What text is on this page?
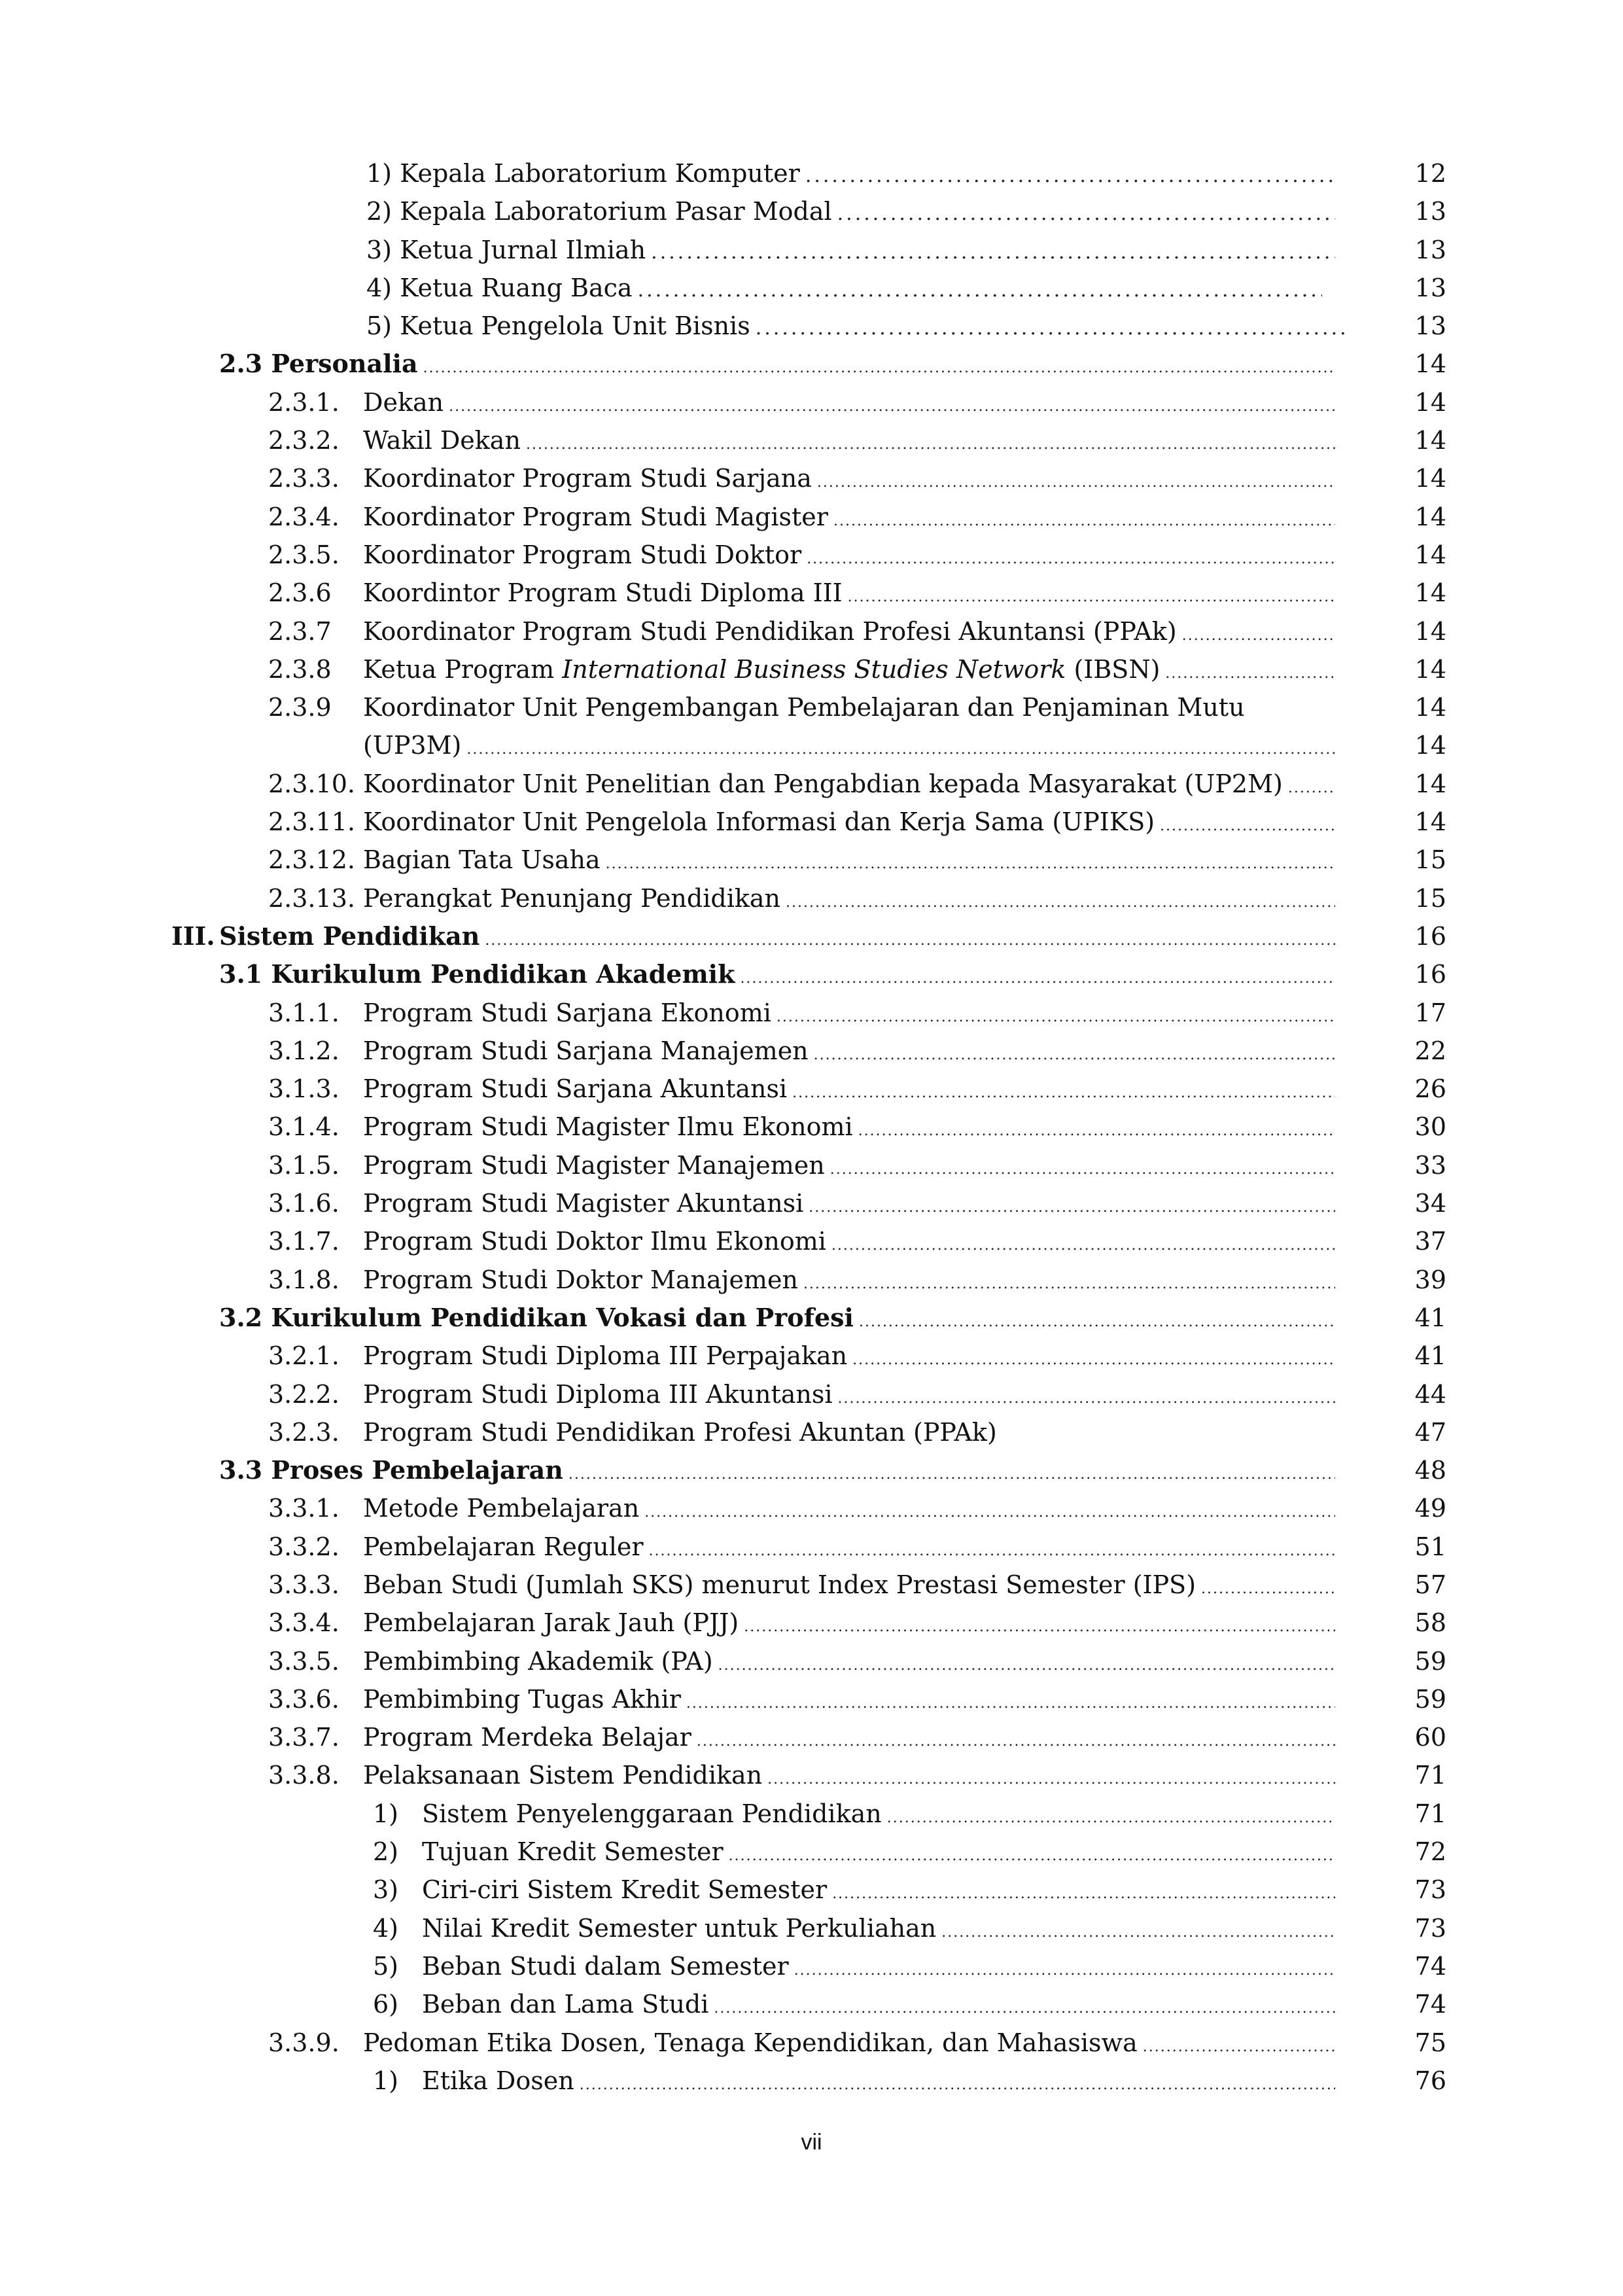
1) Kepala Laboratorium Komputer .....	12
2) Kepala Laboratorium Pasar Modal .....	13
3) Ketua Jurnal Ilmiah .....	13
4) Ketua Ruang Baca .....	13
5) Ketua Pengelola Unit Bisnis .....	13
2.3 Personalia .....	14
2.3.1. Dekan .....	14
2.3.2. Wakil Dekan .....	14
2.3.3. Koordinator Program Studi Sarjana .....	14
2.3.4. Koordinator Program Studi Magister .....	14
2.3.5. Koordinator Program Studi Doktor .....	14
2.3.6 Koordintor Program Studi Diploma III .....	14
2.3.7 Koordinator Program Studi Pendidikan Profesi Akuntansi (PPAk) .....	14
2.3.8 Ketua Program International Business Studies Network (IBSN) .....	14
2.3.9 Koordinator Unit Pengembangan Pembelajaran dan Penjaminan Mutu	14
(UP3M) .....	14
2.3.10. Koordinator Unit Penelitian dan Pengabdian kepada Masyarakat (UP2M) .....	14
2.3.11. Koordinator Unit Pengelola Informasi dan Kerja Sama (UPIKS) .....	14
2.3.12. Bagian Tata Usaha .....	15
2.3.13. Perangkat Penunjang Pendidikan .....	15
III. Sistem Pendidikan .....	16
3.1 Kurikulum Pendidikan Akademik .....	16
3.1.1. Program Studi Sarjana Ekonomi .....	17
3.1.2. Program Studi Sarjana Manajemen .....	22
3.1.3. Program Studi Sarjana Akuntansi .....	26
3.1.4. Program Studi Magister Ilmu Ekonomi .....	30
3.1.5. Program Studi Magister Manajemen .....	33
3.1.6. Program Studi Magister Akuntansi .....	34
3.1.7. Program Studi Doktor Ilmu Ekonomi .....	37
3.1.8. Program Studi Doktor Manajemen .....	39
3.2 Kurikulum Pendidikan Vokasi dan Profesi .....	41
3.2.1. Program Studi Diploma III Perpajakan .....	41
3.2.2. Program Studi Diploma III Akuntansi .....	44
3.2.3. Program Studi Pendidikan Profesi Akuntan (PPAk)	47
3.3 Proses Pembelajaran .....	48
3.3.1. Metode Pembelajaran .....	49
3.3.2. Pembelajaran Reguler .....	51
3.3.3. Beban Studi (Jumlah SKS) menurut Index Prestasi Semester (IPS) .....	57
3.3.4. Pembelajaran Jarak Jauh (PJJ) .....	58
3.3.5. Pembimbing Akademik (PA) .....	59
3.3.6. Pembimbing Tugas Akhir .....	59
3.3.7. Program Merdeka Belajar .....	60
3.3.8. Pelaksanaan Sistem Pendidikan .....	71
1) Sistem Penyelenggaraan Pendidikan .....	71
2) Tujuan Kredit Semester .....	72
3) Ciri-ciri Sistem Kredit Semester .....	73
4) Nilai Kredit Semester untuk Perkuliahan .....	73
5) Beban Studi dalam Semester .....	74
6) Beban dan Lama Studi .....	74
3.3.9. Pedoman Etika Dosen, Tenaga Kependidikan, dan Mahasiswa .....	75
1) Etika Dosen .....	76
vii
